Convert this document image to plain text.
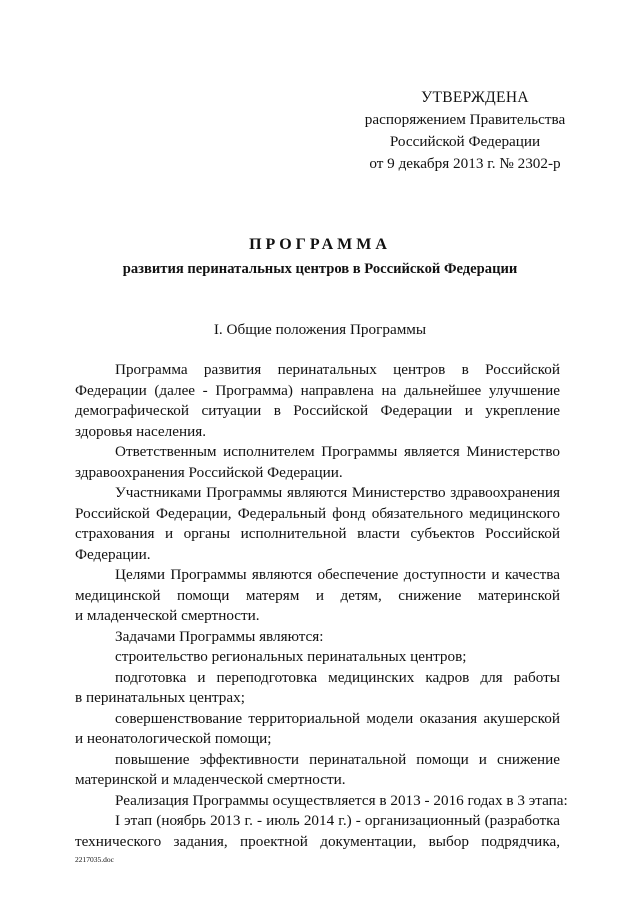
УТВЕРЖДЕНА
распоряжением Правительства
Российской Федерации
от 9 декабря 2013 г. № 2302-р
ПРОГРАММА
развития перинатальных центров в Российской Федерации
I. Общие положения Программы
Программа развития перинатальных центров в Российской
Федерации (далее - Программа) направлена на дальнейшее улучшение
демографической ситуации в Российской Федерации и укрепление
здоровья населения.
Ответственным исполнителем Программы является Министерство
здравоохранения Российской Федерации.
Участниками Программы являются Министерство здравоохранения
Российской Федерации, Федеральный фонд обязательного медицинского
страхования и органы исполнительной власти субъектов Российской
Федерации.
Целями Программы являются обеспечение доступности и качества
медицинской помощи матерям и детям, снижение материнской
и младенческой смертности.
Задачами Программы являются:
строительство региональных перинатальных центров;
подготовка и переподготовка медицинских кадров для работы
в перинатальных центрах;
совершенствование территориальной модели оказания акушерской
и неонатологической помощи;
повышение эффективности перинатальной помощи и снижение
материнской и младенческой смертности.
Реализация Программы осуществляется в 2013 - 2016 годах в 3 этапа:
I этап (ноябрь 2013 г. - июль 2014 г.) - организационный (разработка
технического задания, проектной документации, выбор подрядчика,
2217035.doc
